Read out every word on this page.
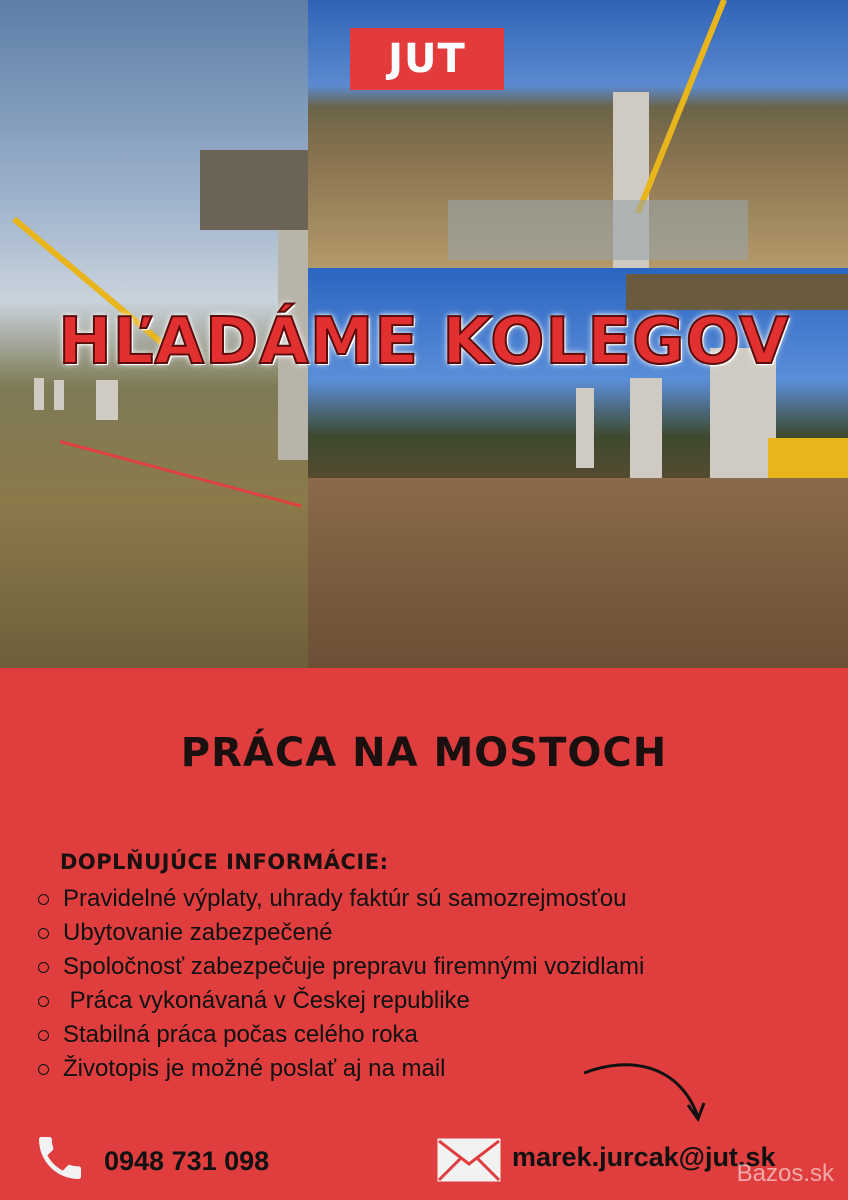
JUT
HĽADÁME KOLEGOV
PRÁCA NA MOSTOCH
DOPLŇUJÚCE INFORMÁCIE:
Pravidelné výplaty, uhrady faktúr sú samozrejmosťou
Ubytovanie zabezpečené
Spoločnosť zabezpečuje prepravu firemnými vozidlami
Práca vykonávaná v Českej republike
Stabilná práca počas celého roka
Životopis je možné poslať aj na mail
0948 731 098	marek.jurcak@jut.sk
Bazos.sk
